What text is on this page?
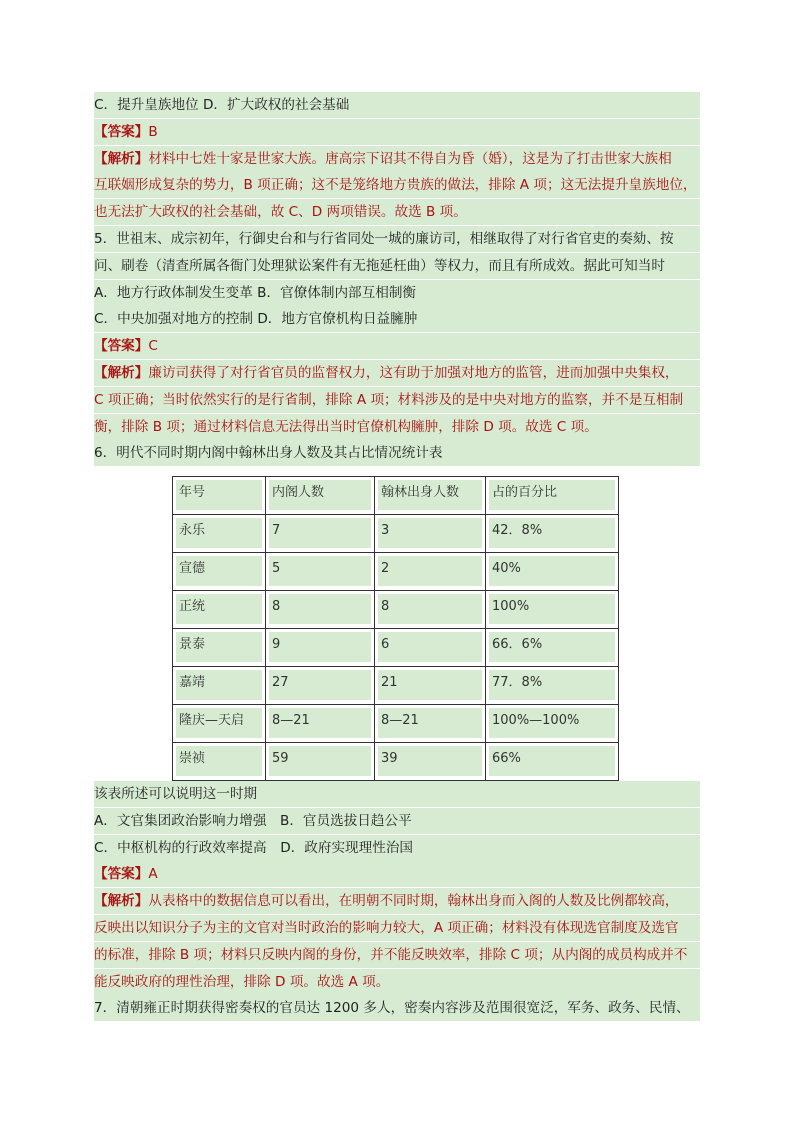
C．提升皇族地位 D．扩大政权的社会基础
【答案】B
【解析】材料中七姓十家是世家大族。唐高宗下诏其不得自为昏（婚），这是为了打击世家大族相
互联姻形成复杂的势力，B 项正确；这不是笼络地方贵族的做法，排除 A 项；这无法提升皇族地位，
也无法扩大政权的社会基础，故 C、D 两项错误。故选 B 项。
5．世祖末、成宗初年，行御史台和与行省同处一城的廉访司，相继取得了对行省官吏的奏劾、按
问、刷卷（清查所属各衙门处理狱讼案件有无拖延枉曲）等权力，而且有所成效。据此可知当时
A．地方行政体制发生变革 B．官僚体制内部互相制衡
C．中央加强对地方的控制 D．地方官僚机构日益臃肿
【答案】C
【解析】廉访司获得了对行省官员的监督权力，这有助于加强对地方的监管，进而加强中央集权，
C 项正确；当时依然实行的是行省制，排除 A 项；材料涉及的是中央对地方的监察，并不是互相制
衡，排除 B 项；通过材料信息无法得出当时官僚机构臃肿，排除 D 项。故选 C 项。
6．明代不同时期内阁中翰林出身人数及其占比情况统计表
年号	内阁人数	翰林出身人数	占的百分比

永乐	7	3	42．8%

宣德	5	2	40%

正统	8	8	100%

景泰	9	6	66．6%

嘉靖	27	21	77．8%

隆庆—天启	8—21	8—21	100%—100%

崇祯	59	39	66%
该表所述可以说明这一时期
A．文官集团政治影响力增强　B．官员选拔日趋公平
C．中枢机构的行政效率提高　D．政府实现理性治国
【答案】A
【解析】从表格中的数据信息可以看出，在明朝不同时期，翰林出身而入阁的人数及比例都较高，
反映出以知识分子为主的文官对当时政治的影响力较大，A 项正确；材料没有体现选官制度及选官
的标准，排除 B 项；材料只反映内阁的身份，并不能反映效率，排除 C 项；从内阁的成员构成并不
能反映政府的理性治理，排除 D 项。故选 A 项。
7．清朝雍正时期获得密奏权的官员达 1200 多人，密奏内容涉及范围很宽泛，军务、政务、民情、
